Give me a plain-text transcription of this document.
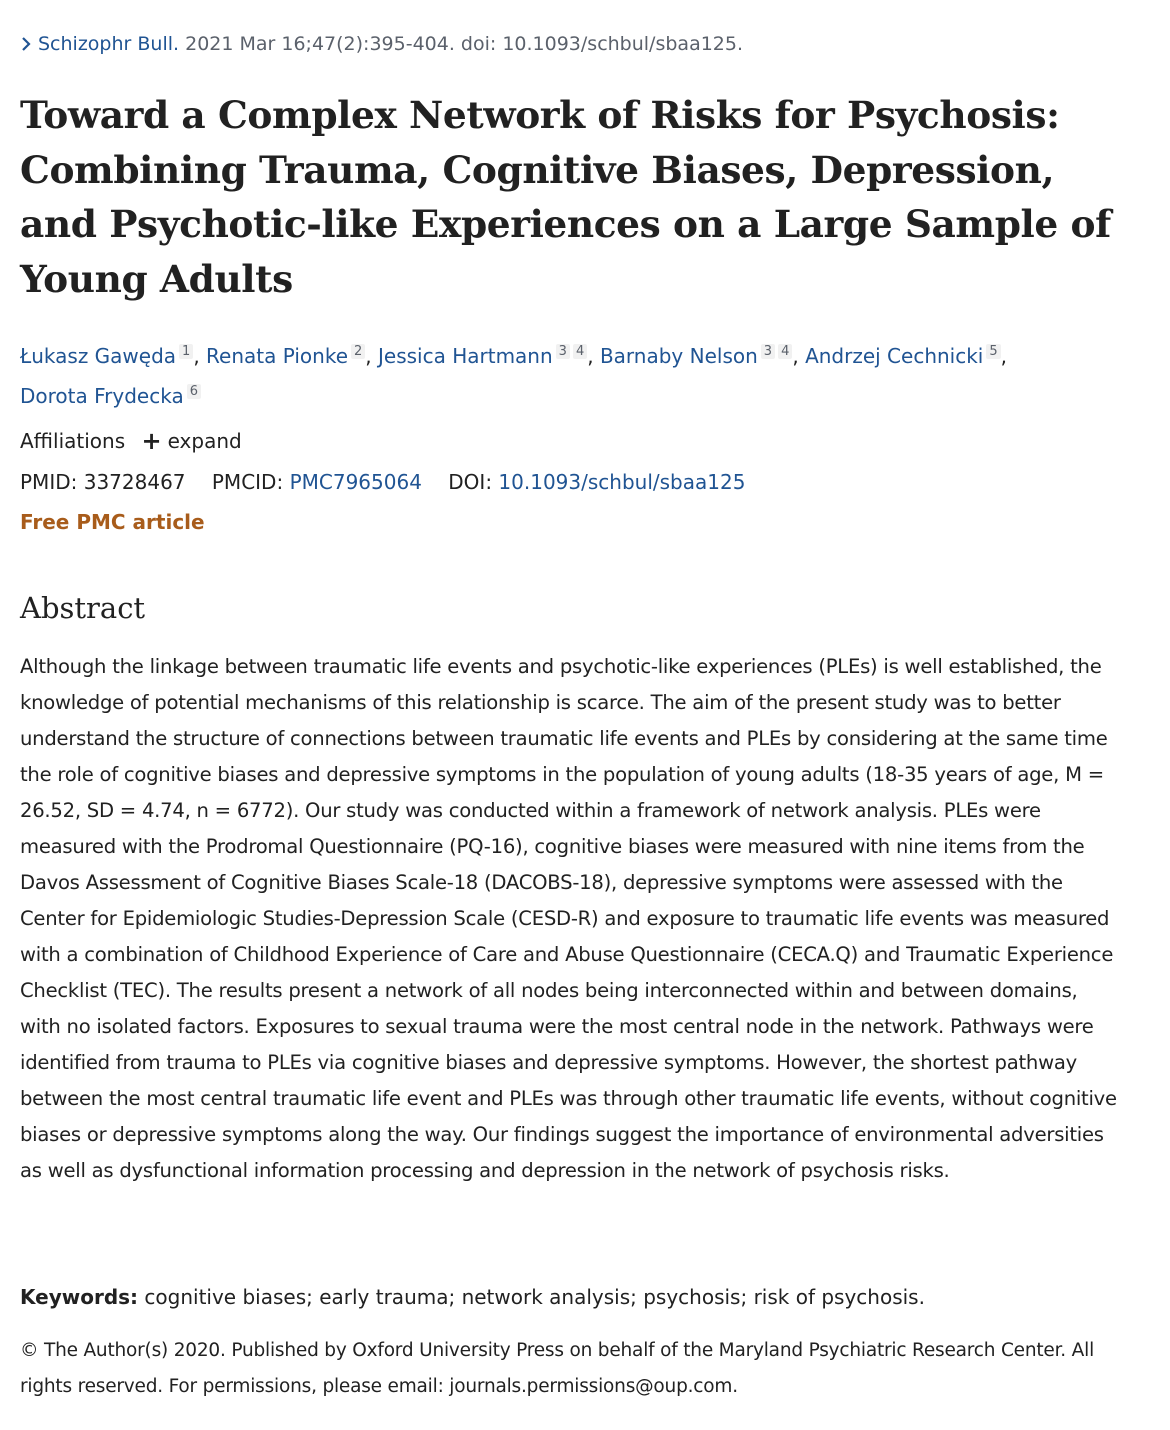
Schizophr Bull. 2021 Mar 16;47(2):395-404. doi: 10.1093/schbul/sbaa125.
Toward a Complex Network of Risks for Psychosis: Combining Trauma, Cognitive Biases, Depression, and Psychotic-like Experiences on a Large Sample of Young Adults
Łukasz Gawęda $^1$ , Renata Pionke $^2$ , Jessica Hartmann $^3$ $^4$ , Barnaby Nelson $^3$ $^4$ , Andrzej Cechnicki $^5$ ,
Dorota Frydecka $^6$
Affiliations + expand
PMID: 33728467 PMCID: PMC7965064 DOI: 10.1093/schbul/sbaa125
Free PMC article
Abstract

Although the linkage between traumatic life events and psychotic-like experiences (PLEs) is well established, the knowledge of potential mechanisms of this relationship is scarce. The aim of the present study was to better understand the structure of connections between traumatic life events and PLEs by considering at the same time the role of cognitive biases and depressive symptoms in the population of young adults (18-35 years of age, M = 26.52, SD = 4.74, n = 6772). Our study was conducted within a framework of network analysis. PLEs were measured with the Prodromal Questionnaire (PQ-16), cognitive biases were measured with nine items from the Davos Assessment of Cognitive Biases Scale-18 (DACOBS-18), depressive symptoms were assessed with the Center for Epidemiologic Studies-Depression Scale (CESD-R) and exposure to traumatic life events was measured with a combination of Childhood Experience of Care and Abuse Questionnaire (CECA.Q) and Traumatic Experience Checklist (TEC). The results present a network of all nodes being interconnected within and between domains, with no isolated factors. Exposures to sexual trauma were the most central node in the network. Pathways were identified from trauma to PLEs via cognitive biases and depressive symptoms. However, the shortest pathway between the most central traumatic life event and PLEs was through other traumatic life events, without cognitive biases or depressive symptoms along the way. Our findings suggest the importance of environmental adversities as well as dysfunctional information processing and depression in the network of psychosis risks.

Keywords: cognitive biases; early trauma; network analysis; psychosis; risk of psychosis.

© The Author(s) 2020. Published by Oxford University Press on behalf of the Maryland Psychiatric Research Center. All rights reserved. For permissions, please email: journals.permissions@oup.com.
